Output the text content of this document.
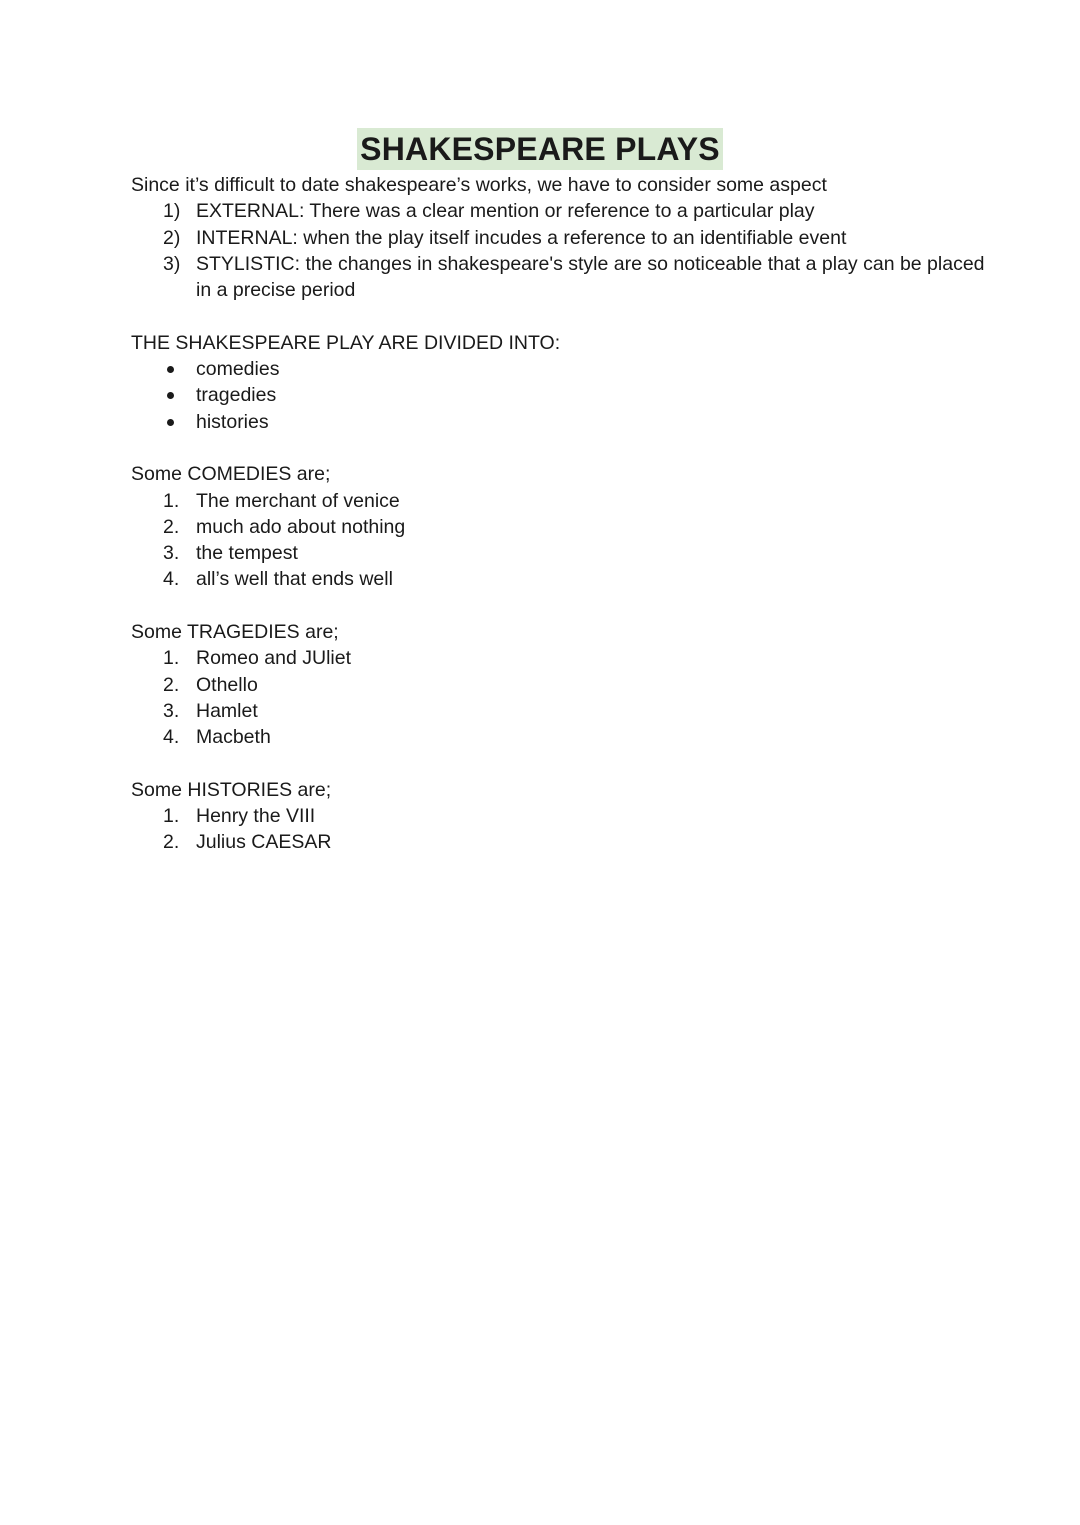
SHAKESPEARE PLAYS

Since it’s difficult to date shakespeare’s works, we have to consider some aspect

1) EXTERNAL: There was a clear mention or reference to a particular play
2) INTERNAL: when the play itself incudes a reference to an identifiable event
3) STYLISTIC: the changes in shakespeare's style are so noticeable that a play can be placed in a precise period

THE SHAKESPEARE PLAY ARE DIVIDED INTO:

comedies
tragedies
histories

Some COMEDIES are;

1. The merchant of venice
2. much ado about nothing
3. the tempest
4. all’s well that ends well

Some TRAGEDIES are;

1. Romeo and JUliet
2. Othello
3. Hamlet
4. Macbeth

Some HISTORIES are;

1. Henry the VIII
2. Julius CAESAR
